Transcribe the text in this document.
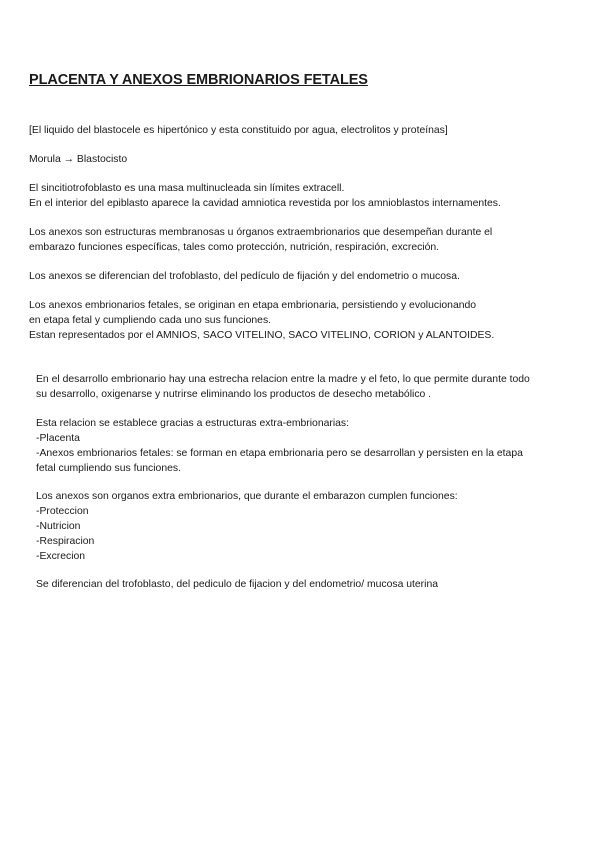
PLACENTA Y ANEXOS EMBRIONARIOS FETALES
[El liquido del blastocele es hipertónico y esta constituido por agua, electrolitos y proteínas]
Morula → Blastocisto
El sincitiotrofoblasto es una masa multinucleada sin límites extracell.
En el interior del epiblasto aparece la cavidad amniotica revestida por los amnioblastos internamentes.
Los anexos son estructuras membranosas u órganos extraembrionarios que desempeñan durante el
embarazo funciones específicas, tales como protección, nutrición, respiración, excreción.
Los anexos se diferencian del trofoblasto, del pedículo de fijación y del endometrio o mucosa.
Los anexos embrionarios fetales, se originan en etapa embrionaria, persistiendo y evolucionando
en etapa fetal y cumpliendo cada uno sus funciones.
Estan representados por el AMNIOS, SACO VITELINO, SACO VITELINO, CORION y ALANTOIDES.
En el desarrollo embrionario hay una estrecha relacion entre la madre y el feto, lo que permite durante todo
su desarrollo, oxigenarse y nutrirse eliminando los productos de desecho metabólico .
Esta relacion se establece gracias a estructuras extra-embrionarias:
-Placenta
-Anexos embrionarios fetales: se forman en etapa embrionaria pero se desarrollan y persisten en la etapa
fetal cumpliendo sus funciones.
Los anexos son organos extra embrionarios, que durante el embarazon cumplen funciones:
-Proteccion
-Nutricion
-Respiracion
-Excrecion
Se diferencian del trofoblasto, del pediculo de fijacion y del endometrio/ mucosa uterina
